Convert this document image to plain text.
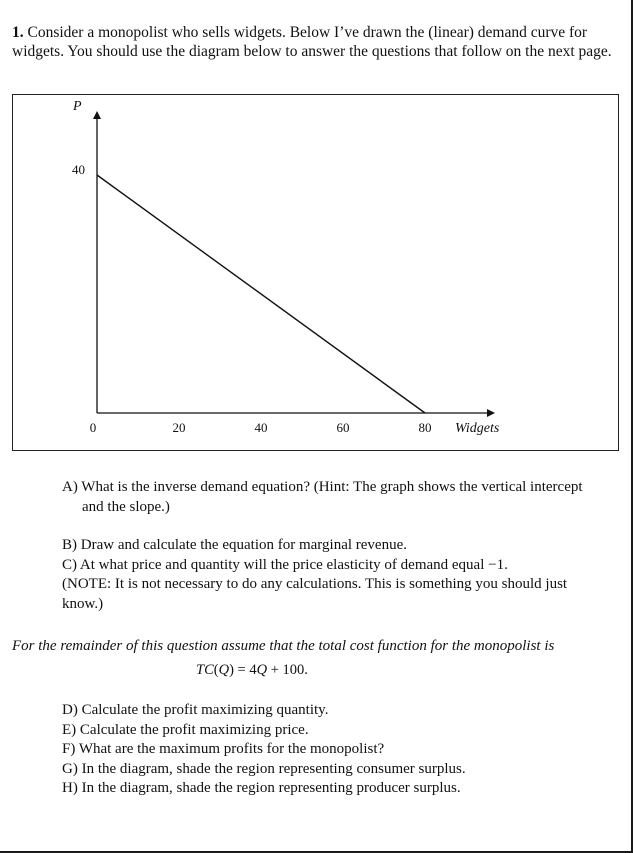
1. Consider a monopolist who sells widgets. Below I’ve drawn the (linear) demand curve for widgets. You should use the diagram below to answer the questions that follow on the next page.

P
Widgets
0	20	40	60	80
40
A) What is the inverse demand equation? (Hint: The graph shows the vertical intercept
and the slope.)
B) Draw and calculate the equation for marginal revenue.
C) At what price and quantity will the price elasticity of demand equal −1.
(NOTE: It is not necessary to do any calculations. This is something you should just
know.)

For the remainder of this question assume that the total cost function for the monopolist is

TC(Q) = 4Q + 100.

D) Calculate the profit maximizing quantity.
E) Calculate the profit maximizing price.
F) What are the maximum profits for the monopolist?
G) In the diagram, shade the region representing consumer surplus.
H) In the diagram, shade the region representing producer surplus.
